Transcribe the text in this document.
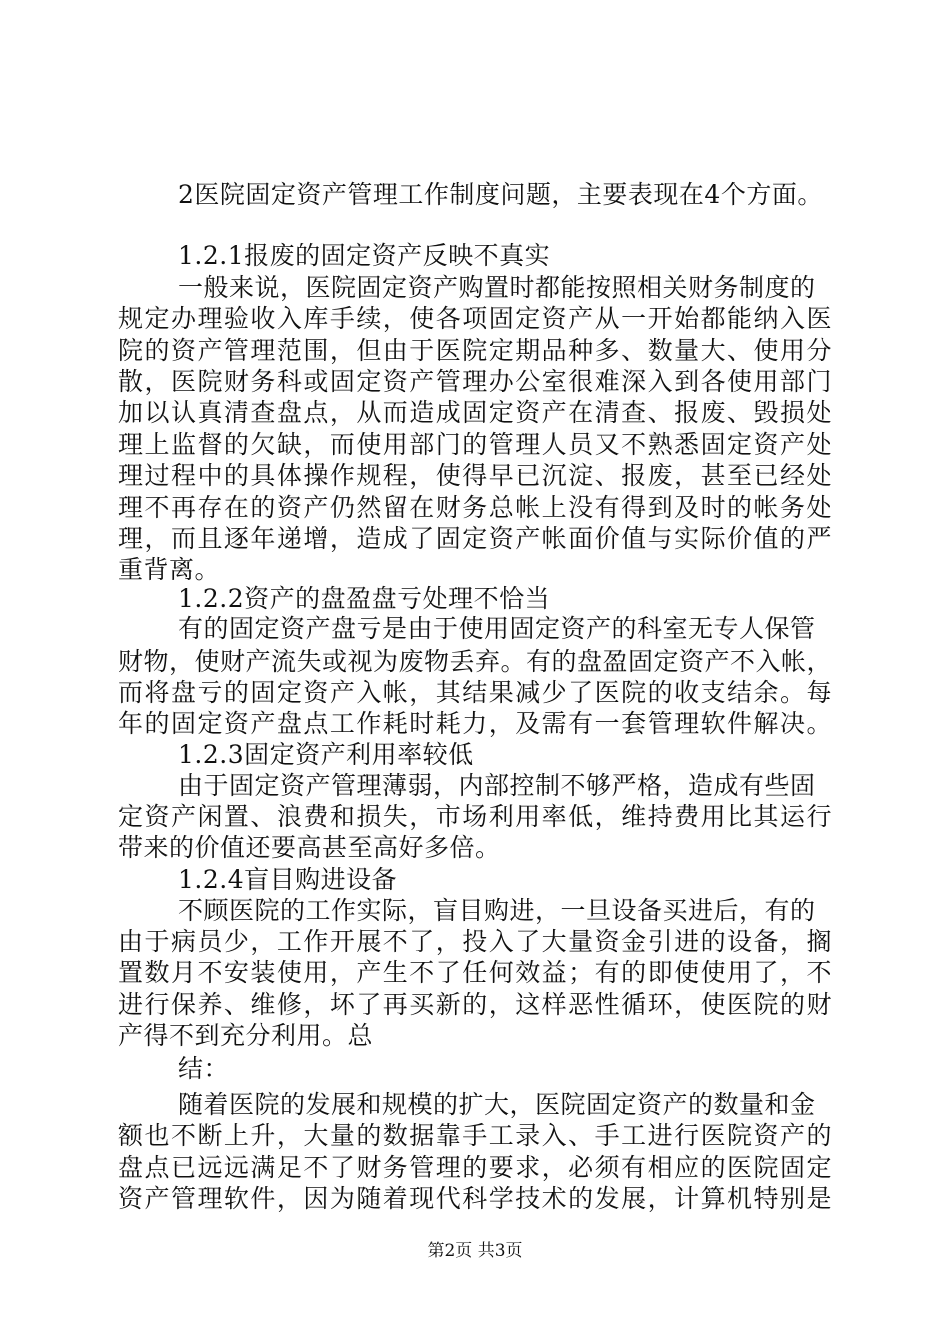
2医院固定资产管理工作制度问题，主要表现在4个方面。
1.2.1报废的固定资产反映不真实
一般来说，医院固定资产购置时都能按照相关财务制度的
规定办理验收入库手续，使各项固定资产从一开始都能纳入医
院的资产管理范围，但由于医院定期品种多、数量大、使用分
散，医院财务科或固定资产管理办公室很难深入到各使用部门
加以认真清查盘点，从而造成固定资产在清查、报废、毁损处
理上监督的欠缺，而使用部门的管理人员又不熟悉固定资产处
理过程中的具体操作规程，使得早已沉淀、报废，甚至已经处
理不再存在的资产仍然留在财务总帐上没有得到及时的帐务处
理，而且逐年递增，造成了固定资产帐面价值与实际价值的严
重背离。
1.2.2资产的盘盈盘亏处理不恰当
有的固定资产盘亏是由于使用固定资产的科室无专人保管
财物，使财产流失或视为废物丢弃。有的盘盈固定资产不入帐，
而将盘亏的固定资产入帐，其结果减少了医院的收支结余。每
年的固定资产盘点工作耗时耗力，及需有一套管理软件解决。
1.2.3固定资产利用率较低
由于固定资产管理薄弱，内部控制不够严格，造成有些固
定资产闲置、浪费和损失，市场利用率低，维持费用比其运行
带来的价值还要高甚至高好多倍。
1.2.4盲目购进设备
不顾医院的工作实际，盲目购进，一旦设备买进后，有的
由于病员少，工作开展不了，投入了大量资金引进的设备，搁
置数月不安装使用，产生不了任何效益；有的即使使用了，不
进行保养、维修，坏了再买新的，这样恶性循环，使医院的财
产得不到充分利用。总
结：
随着医院的发展和规模的扩大，医院固定资产的数量和金
额也不断上升，大量的数据靠手工录入、手工进行医院资产的
盘点已远远满足不了财务管理的要求，必须有相应的医院固定
资产管理软件，因为随着现代科学技术的发展，计算机特别是
第2页 共3页
